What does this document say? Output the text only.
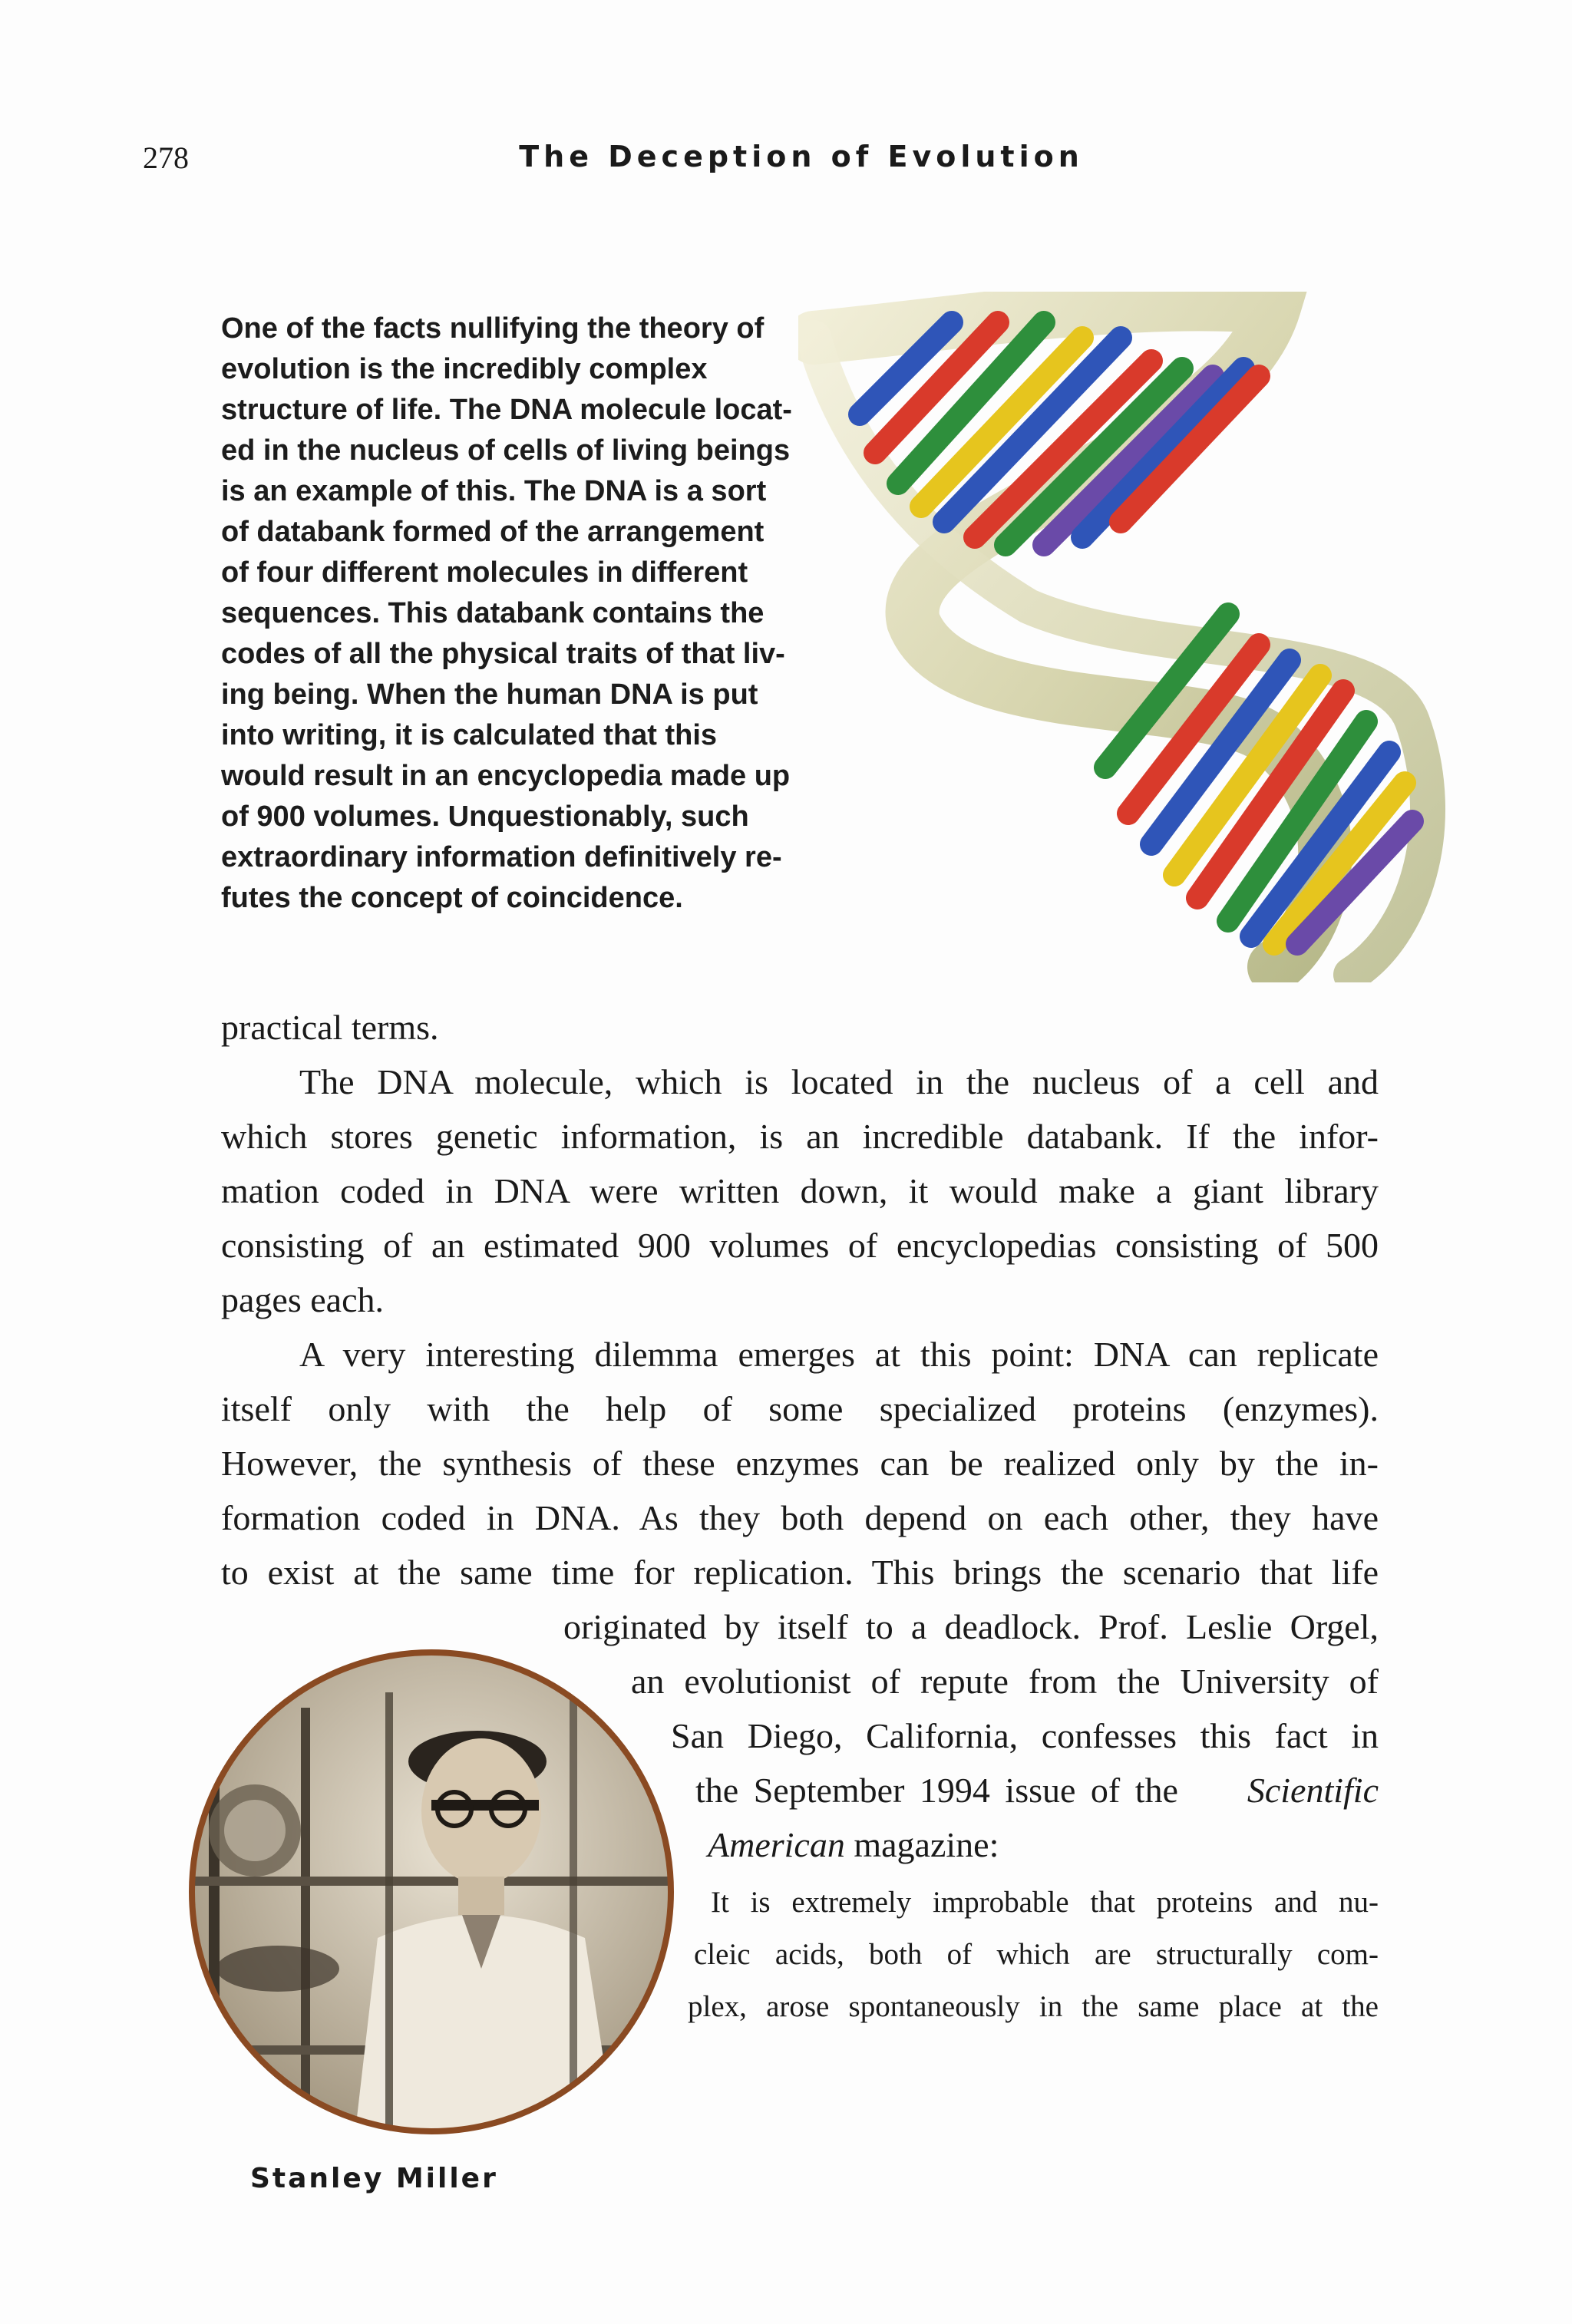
278	The Deception of Evolution
One of the facts nullifying the theory of
evolution is the incredibly complex
structure of life. The DNA molecule locat-
ed in the nucleus of cells of living beings
is an example of this. The DNA is a sort
of databank formed of the arrangement
of four different molecules in different
sequences. This databank contains the
codes of all the physical traits of that liv-
ing being. When the human DNA is put
into writing, it is calculated that this
would result in an encyclopedia made up
of 900 volumes. Unquestionably, such
extraordinary information definitively re-
futes the concept of coincidence.
practical terms.
The DNA molecule, which is located in the nucleus of a cell and
which stores genetic information, is an incredible databank. If the infor-
mation coded in DNA were written down, it would make a giant library
consisting of an estimated 900 volumes of encyclopedias consisting of 500
pages each.
A very interesting dilemma emerges at this point: DNA can replicate
itself only with the help of some specialized proteins (enzymes).
However, the synthesis of these enzymes can be realized only by the in-
formation coded in DNA. As they both depend on each other, they have
to exist at the same time for replication. This brings the scenario that life
originated by itself to a deadlock. Prof. Leslie Orgel,
an evolutionist of repute from the University of
San Diego, California, confesses this fact in
the September 1994 issue of the Scientific
American magazine:
It is extremely improbable that proteins and nu-
cleic acids, both of which are structurally com-
plex, arose spontaneously in the same place at the
Stanley Miller
